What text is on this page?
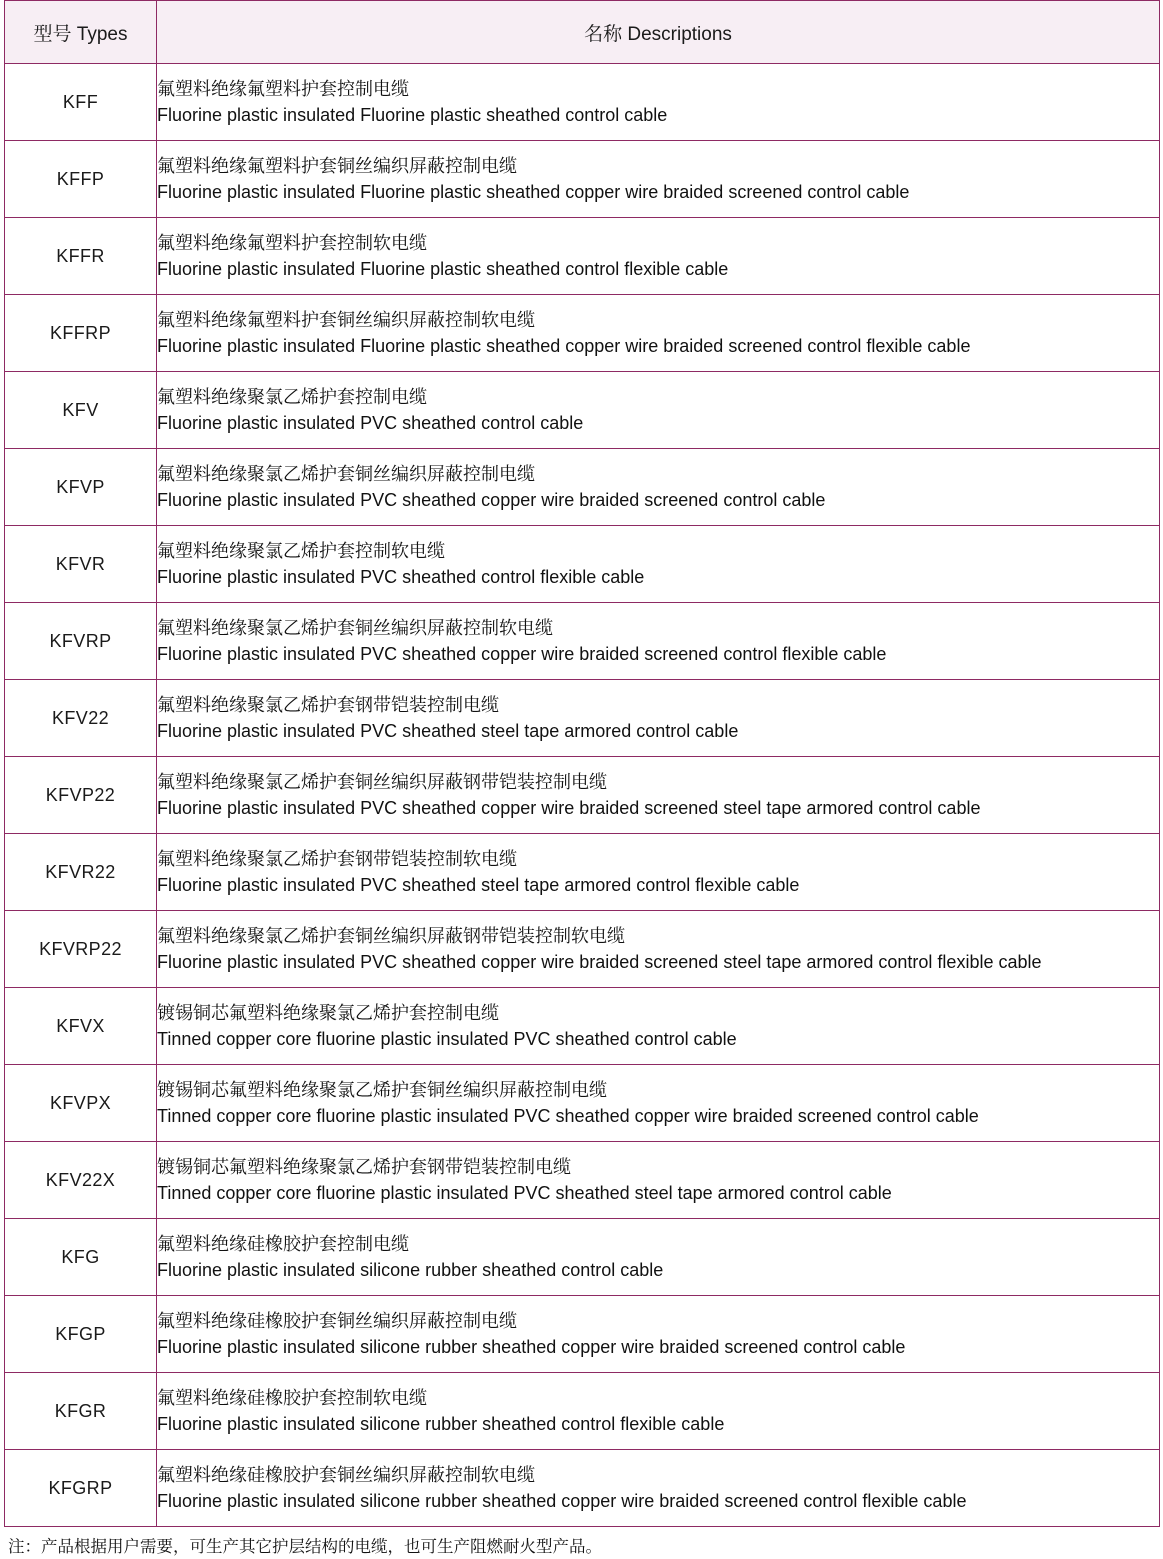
型号 Types	名称 Descriptions
KFF	氟塑料绝缘氟塑料护套控制电缆
Fluorine plastic insulated Fluorine plastic sheathed control cable

KFFP	氟塑料绝缘氟塑料护套铜丝编织屏蔽控制电缆
Fluorine plastic insulated Fluorine plastic sheathed copper wire braided screened control cable

KFFR	氟塑料绝缘氟塑料护套控制软电缆
Fluorine plastic insulated Fluorine plastic sheathed control flexible cable

KFFRP	氟塑料绝缘氟塑料护套铜丝编织屏蔽控制软电缆
Fluorine plastic insulated Fluorine plastic sheathed copper wire braided screened control flexible cable

KFV	氟塑料绝缘聚氯乙烯护套控制电缆
Fluorine plastic insulated PVC sheathed control cable

KFVP	氟塑料绝缘聚氯乙烯护套铜丝编织屏蔽控制电缆
Fluorine plastic insulated PVC sheathed copper wire braided screened control cable

KFVR	氟塑料绝缘聚氯乙烯护套控制软电缆
Fluorine plastic insulated PVC sheathed control flexible cable

KFVRP	氟塑料绝缘聚氯乙烯护套铜丝编织屏蔽控制软电缆
Fluorine plastic insulated PVC sheathed copper wire braided screened control flexible cable

KFV22	氟塑料绝缘聚氯乙烯护套钢带铠装控制电缆
Fluorine plastic insulated PVC sheathed steel tape armored control cable

KFVP22	氟塑料绝缘聚氯乙烯护套铜丝编织屏蔽钢带铠装控制电缆
Fluorine plastic insulated PVC sheathed copper wire braided screened steel tape armored control cable

KFVR22	氟塑料绝缘聚氯乙烯护套钢带铠装控制软电缆
Fluorine plastic insulated PVC sheathed steel tape armored control flexible cable

KFVRP22	氟塑料绝缘聚氯乙烯护套铜丝编织屏蔽钢带铠装控制软电缆
Fluorine plastic insulated PVC sheathed copper wire braided screened steel tape armored control flexible cable

KFVX	镀锡铜芯氟塑料绝缘聚氯乙烯护套控制电缆
Tinned copper core fluorine plastic insulated PVC sheathed control cable

KFVPX	镀锡铜芯氟塑料绝缘聚氯乙烯护套铜丝编织屏蔽控制电缆
Tinned copper core fluorine plastic insulated PVC sheathed copper wire braided screened control cable

KFV22X	镀锡铜芯氟塑料绝缘聚氯乙烯护套钢带铠装控制电缆
Tinned copper core fluorine plastic insulated PVC sheathed steel tape armored control cable

KFG	氟塑料绝缘硅橡胶护套控制电缆
Fluorine plastic insulated silicone rubber sheathed control cable

KFGP	氟塑料绝缘硅橡胶护套铜丝编织屏蔽控制电缆
Fluorine plastic insulated silicone rubber sheathed copper wire braided screened control cable

KFGR	氟塑料绝缘硅橡胶护套控制软电缆
Fluorine plastic insulated silicone rubber sheathed control flexible cable

KFGRP	氟塑料绝缘硅橡胶护套铜丝编织屏蔽控制软电缆
Fluorine plastic insulated silicone rubber sheathed copper wire braided screened control flexible cable
注：产品根据用户需要，可生产其它护层结构的电缆，也可生产阻燃耐火型产品。
